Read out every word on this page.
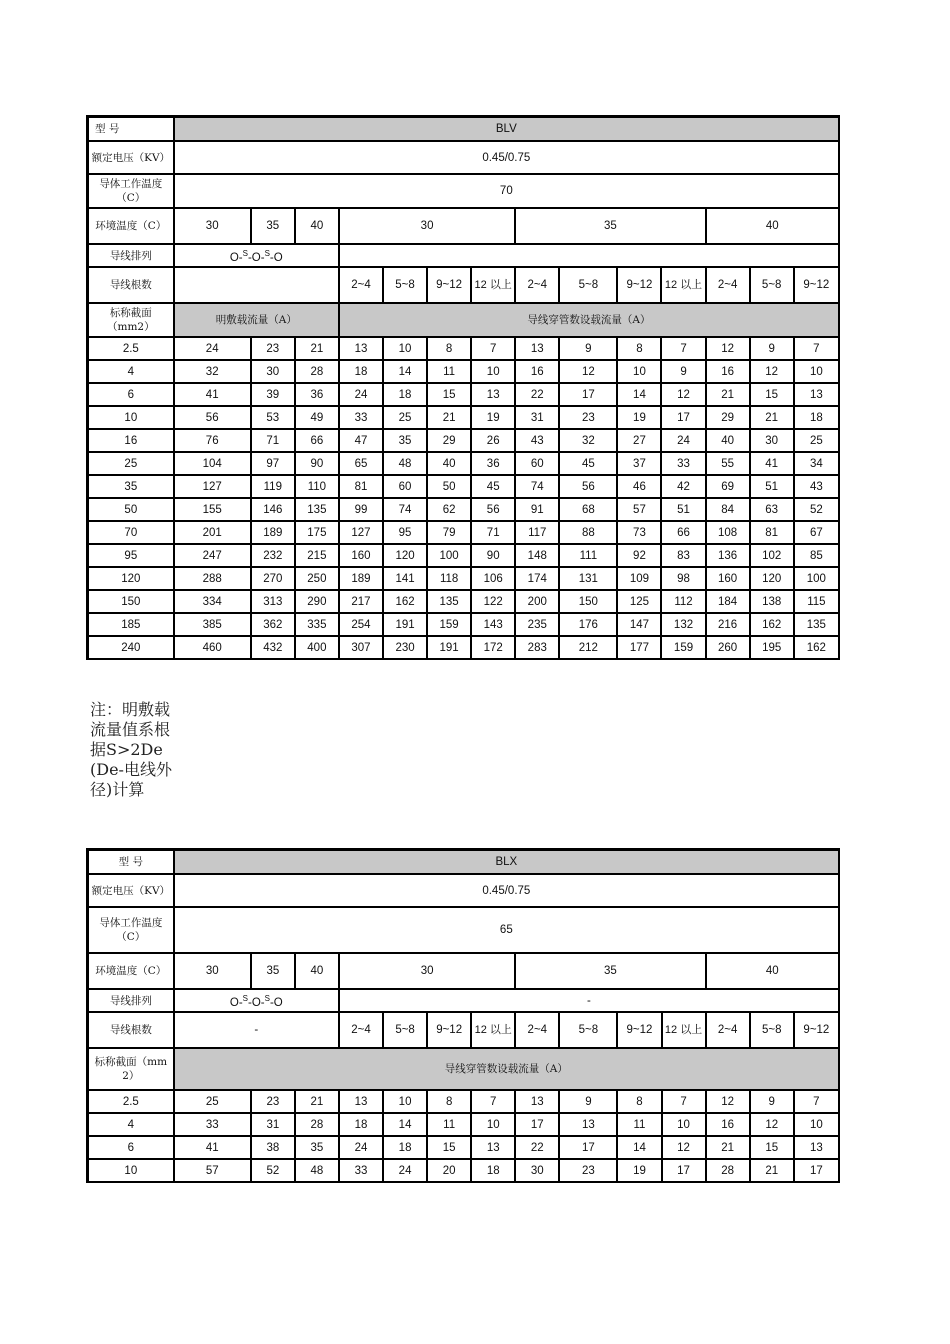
型 号	BLV													
额定电压（KV）	0.45/0.75													
导体工作温度（C）	70													
环境温度（C）	30	35	40	30				35				40		
导线排列	O-$^S$-O-$^S$-O													
导线根数				2~4	5~8	9~12	12 以上	2~4	5~8	9~12	12 以上	2~4	5~8	9~12
标称截面（mm2）	明敷载流量（A）			导线穿管数设载流量（A）										
2.5	24	23	21	13	10	8	7	13	9	8	7	12	9	7
4	32	30	28	18	14	11	10	16	12	10	9	16	12	10
6	41	39	36	24	18	15	13	22	17	14	12	21	15	13
10	56	53	49	33	25	21	19	31	23	19	17	29	21	18
16	76	71	66	47	35	29	26	43	32	27	24	40	30	25
25	104	97	90	65	48	40	36	60	45	37	33	55	41	34
35	127	119	110	81	60	50	45	74	56	46	42	69	51	43
50	155	146	135	99	74	62	56	91	68	57	51	84	63	52
70	201	189	175	127	95	79	71	117	88	73	66	108	81	67
95	247	232	215	160	120	100	90	148	111	92	83	136	102	85
120	288	270	250	189	141	118	106	174	131	109	98	160	120	100
150	334	313	290	217	162	135	122	200	150	125	112	184	138	115
185	385	362	335	254	191	159	143	235	176	147	132	216	162	135
240	460	432	400	307	230	191	172	283	212	177	159	260	195	162
注：明敷载流量值系根据S>2De(De-电线外径)计算
型 号	BLX													
额定电压（KV）	0.45/0.75													
导体工作温度（C）	65													
环境温度（C）	30	35	40	30				35				40		
导线排列	O-$^S$-O-$^S$-O			-										
导线根数	-			2~4	5~8	9~12	12 以上	2~4	5~8	9~12	12 以上	2~4	5~8	9~12
标称截面（mm 2）	导线穿管数设载流量（A）													
2.5	25	23	21	13	10	8	7	13	9	8	7	12	9	7
4	33	31	28	18	14	11	10	17	13	11	10	16	12	10
6	41	38	35	24	18	15	13	22	17	14	12	21	15	13
10	57	52	48	33	24	20	18	30	23	19	17	28	21	17
